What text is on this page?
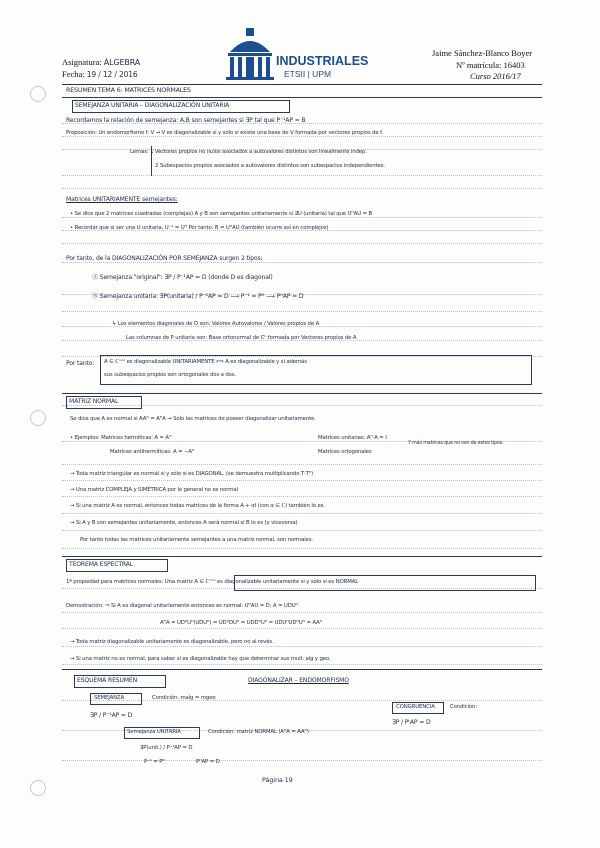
Asignatura: ÁLGEBRA
Fecha: 19 / 12 / 2016
INDUSTRIALES
ETSII | UPM
Jaime Sánchez-Blanco Boyer
Nº matrícula: 16403
Curso 2016/17
RESUMEN TEMA 6: MATRICES NORMALES
SEMEJANZA UNITARIA – DIAGONALIZACIÓN UNITARIA
Recordamos la relación de semejanza: A,B son semejantes si ∃P tal que P⁻¹AP = B
Proposición: Un endomorfismo f: V → V es diagonalizable si y sólo si existe una base de V formada por vectores propios de f.
Lemas: 1 Vectores propios no nulos asociados a autovalores distintos son linealmente indep.
2 Subespacios propios asociados a autovalores distintos son subespacios independientes.
Matrices UNITARIAMENTE semejantes:
• Se dice que 2 matrices cuadradas (complejas) A y B son semejantes unitariamente si ∃U (unitaria) tal que UᴴAU = B
• Recordar que si ser una U unitaria, U⁻¹ = Uᴴ Por tanto: B = UᴴAU (también ocurre así en complejos)
Por tanto, de la DIAGONALIZACIÓN POR SEMEJANZA surgen 2 tipos:
Ⓐ Semejanza "original": ∃P / P⁻¹AP = D (donde D es diagonal)
Ⓑ Semejanza unitaria: ∃P(unitaria) / P⁻¹AP = D ⟶ P⁻¹ = Pᴴ ⟶ PᴴAP = D
↳ Los elementos diagonales de D son: Valores Autovalores / Valores propios de A
Las columnas de P unitaria son: Base ortonormal de Cⁿ formada por Vectores propios de A
Por tanto: A ∈ ℂⁿˣⁿ es diagonalizable UNITARIAMENTE ⟺ A es diagonalizable y si además
sus subespacios propios son ortogonales dos a dos.
MATRIZ NORMAL
Se dice que A es normal si AAᴴ = AᴴA → Sólo las matrices de poseer diagonalizar unitariamente.
• Ejemplos: Matrices hermíticas: A = Aᴴ
Matrices antihermíticas: A = −Aᴴ
Matrices unitarias: Aᴴ·A = I
Matrices ortogonales
Y más matrices que no son de estos tipos.
→ Toda matriz triangular es normal si y sólo si es DIAGONAL. (se demuestra multiplicando T·Tᴴ)
→ Una matriz COMPLEJA y SIMÉTRICA por lo general no es normal
→ Si una matriz A es normal, entonces todas matrices de la forma A + αI (con α ∈ ℂ) también lo es.
→ Si A y B son semejantes unitariamente, entonces A será normal si B lo es (y viceversa)
Por tanto todas las matrices unitariamente semejantes a una matriz normal, son normales.
TEOREMA ESPECTRAL
1ª propiedad para matrices normales: Una matriz A ∈ ℂⁿˣⁿ es diagonalizable unitariamente si y sólo si es NORMAL
Demostración: ⇒ Si A es diagonal unitariamente entonces es normal: UᴴAU = D; A = UDUᴴ
AᴴA = UDᴴUᴴ(UDUᴴ) = UDᴴDUᴴ = UDDᴴUᴴ = UDUᴴUDᴴUᴴ = AAᴴ
→ Toda matriz diagonalizable unitariamente es diagonalizable, pero no al revés.
→ Si una matriz no es normal, para saber si es diagonalizable hay que determinar sus mult. alg y geo.
ESQUEMA RESUMEN	DIAGONALIZAR – ENDOMORFISMO
SEMEJANZA	Condición: malg = mgeo
∃P / P⁻¹AP = D
CONGRUENCIA	Condición:
∃P / PᵗAP = D
Semejanza UNITARIA	Condición: matriz NORMAL (AᴴA = AAᴴ)
∃P(unit.) / P⁻¹AP = D
P⁻¹ = Pᴴ	PᴴAP = D
Página 19
